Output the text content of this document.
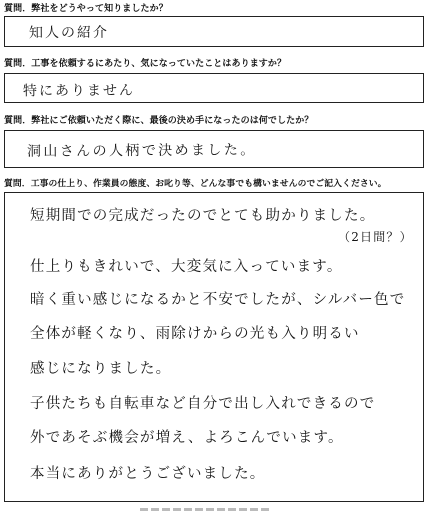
質問．弊社をどうやって知りましたか？
知人の紹介
質問．工事を依頼するにあたり、気になっていたことはありますか？
特にありません
質問．弊社にご依頼いただく際に、最後の決め手になったのは何でしたか？
洞山さんの人柄で決めました。
質問．工事の仕上り、作業員の態度、お叱り等、どんな事でも構いませんのでご記入ください。
短期間での完成だったのでとても助かりました。
（2日間？）
仕上りもきれいで、大変気に入っています。
暗く重い感じになるかと不安でしたが、シルバー色で
全体が軽くなり、雨除けからの光も入り明るい
感じになりました。
子供たちも自転車など自分で出し入れできるので
外であそぶ機会が増え、よろこんでいます。
本当にありがとうございました。
